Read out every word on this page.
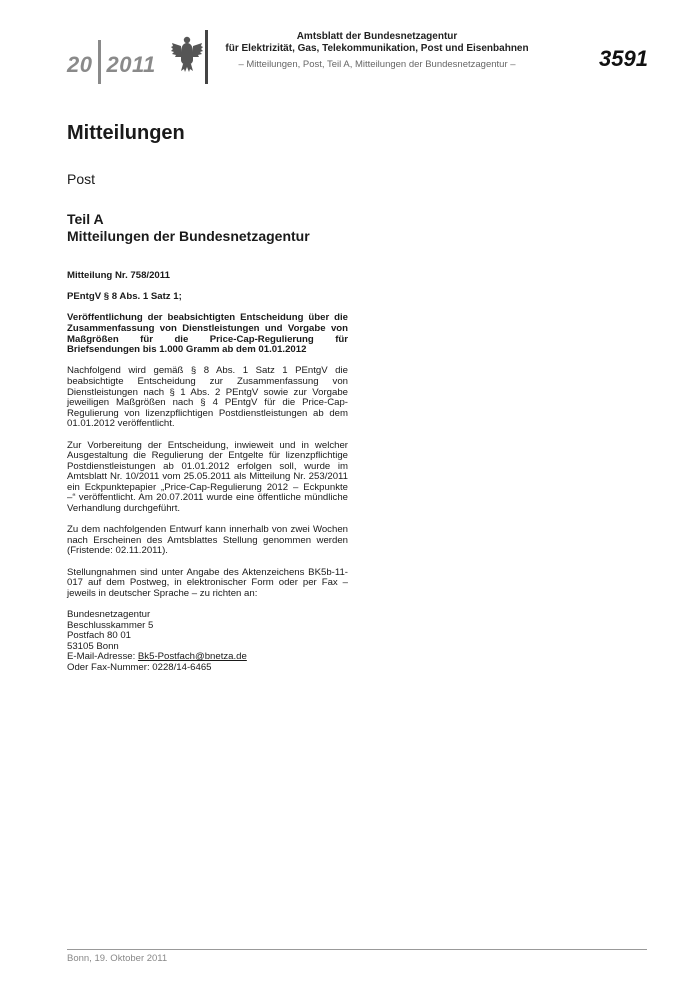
20 2011
Amtsblatt der Bundesnetzagentur
für Elektrizität, Gas, Telekommunikation, Post und Eisenbahnen
– Mitteilungen, Post, Teil A, Mitteilungen der Bundesnetzagentur –	3591
Mitteilungen
Post
Teil A
Mitteilungen der Bundesnetzagentur

Mitteilung Nr. 758/2011

PEntgV § 8 Abs. 1 Satz 1;

Veröffentlichung der beabsichtigten Entscheidung über die Zusammenfassung von Dienstleistungen und Vorgabe von Maßgrößen für die Price-Cap-Regulierung für Briefsendungen bis 1.000 Gramm ab dem 01.01.2012

Nachfolgend wird gemäß § 8 Abs. 1 Satz 1 PEntgV die beabsichtigte Entscheidung zur Zusammenfassung von Dienstleistungen nach § 1 Abs. 2 PEntgV sowie zur Vorgabe jeweiligen Maßgrößen nach § 4 PEntgV für die Price-Cap-Regulierung von lizenzpflichtigen Postdienstleistungen ab dem 01.01.2012 veröffentlicht.

Zur Vorbereitung der Entscheidung, inwieweit und in welcher Ausgestaltung die Regulierung der Entgelte für lizenzpflichtige Postdienstleistungen ab 01.01.2012 erfolgen soll, wurde im Amtsblatt Nr. 10/2011 vom 25.05.2011 als Mitteilung Nr. 253/2011 ein Eckpunktepapier „Price-Cap-Regulierung 2012 – Eckpunkte –“ veröffentlicht. Am 20.07.2011 wurde eine öffentliche mündliche Verhandlung durchgeführt.

Zu dem nachfolgenden Entwurf kann innerhalb von zwei Wochen nach Erscheinen des Amtsblattes Stellung genommen werden (Fristende: 02.11.2011).

Stellungnahmen sind unter Angabe des Aktenzeichens BK5b-11-017 auf dem Postweg, in elektronischer Form oder per Fax – jeweils in deutscher Sprache – zu richten an:

Bundesnetzagentur
Beschlusskammer 5
Postfach 80 01
53105 Bonn
E-Mail-Adresse: Bk5-Postfach@bnetza.de
Oder Fax-Nummer: 0228/14-6465

Bonn, 19. Oktober 2011
